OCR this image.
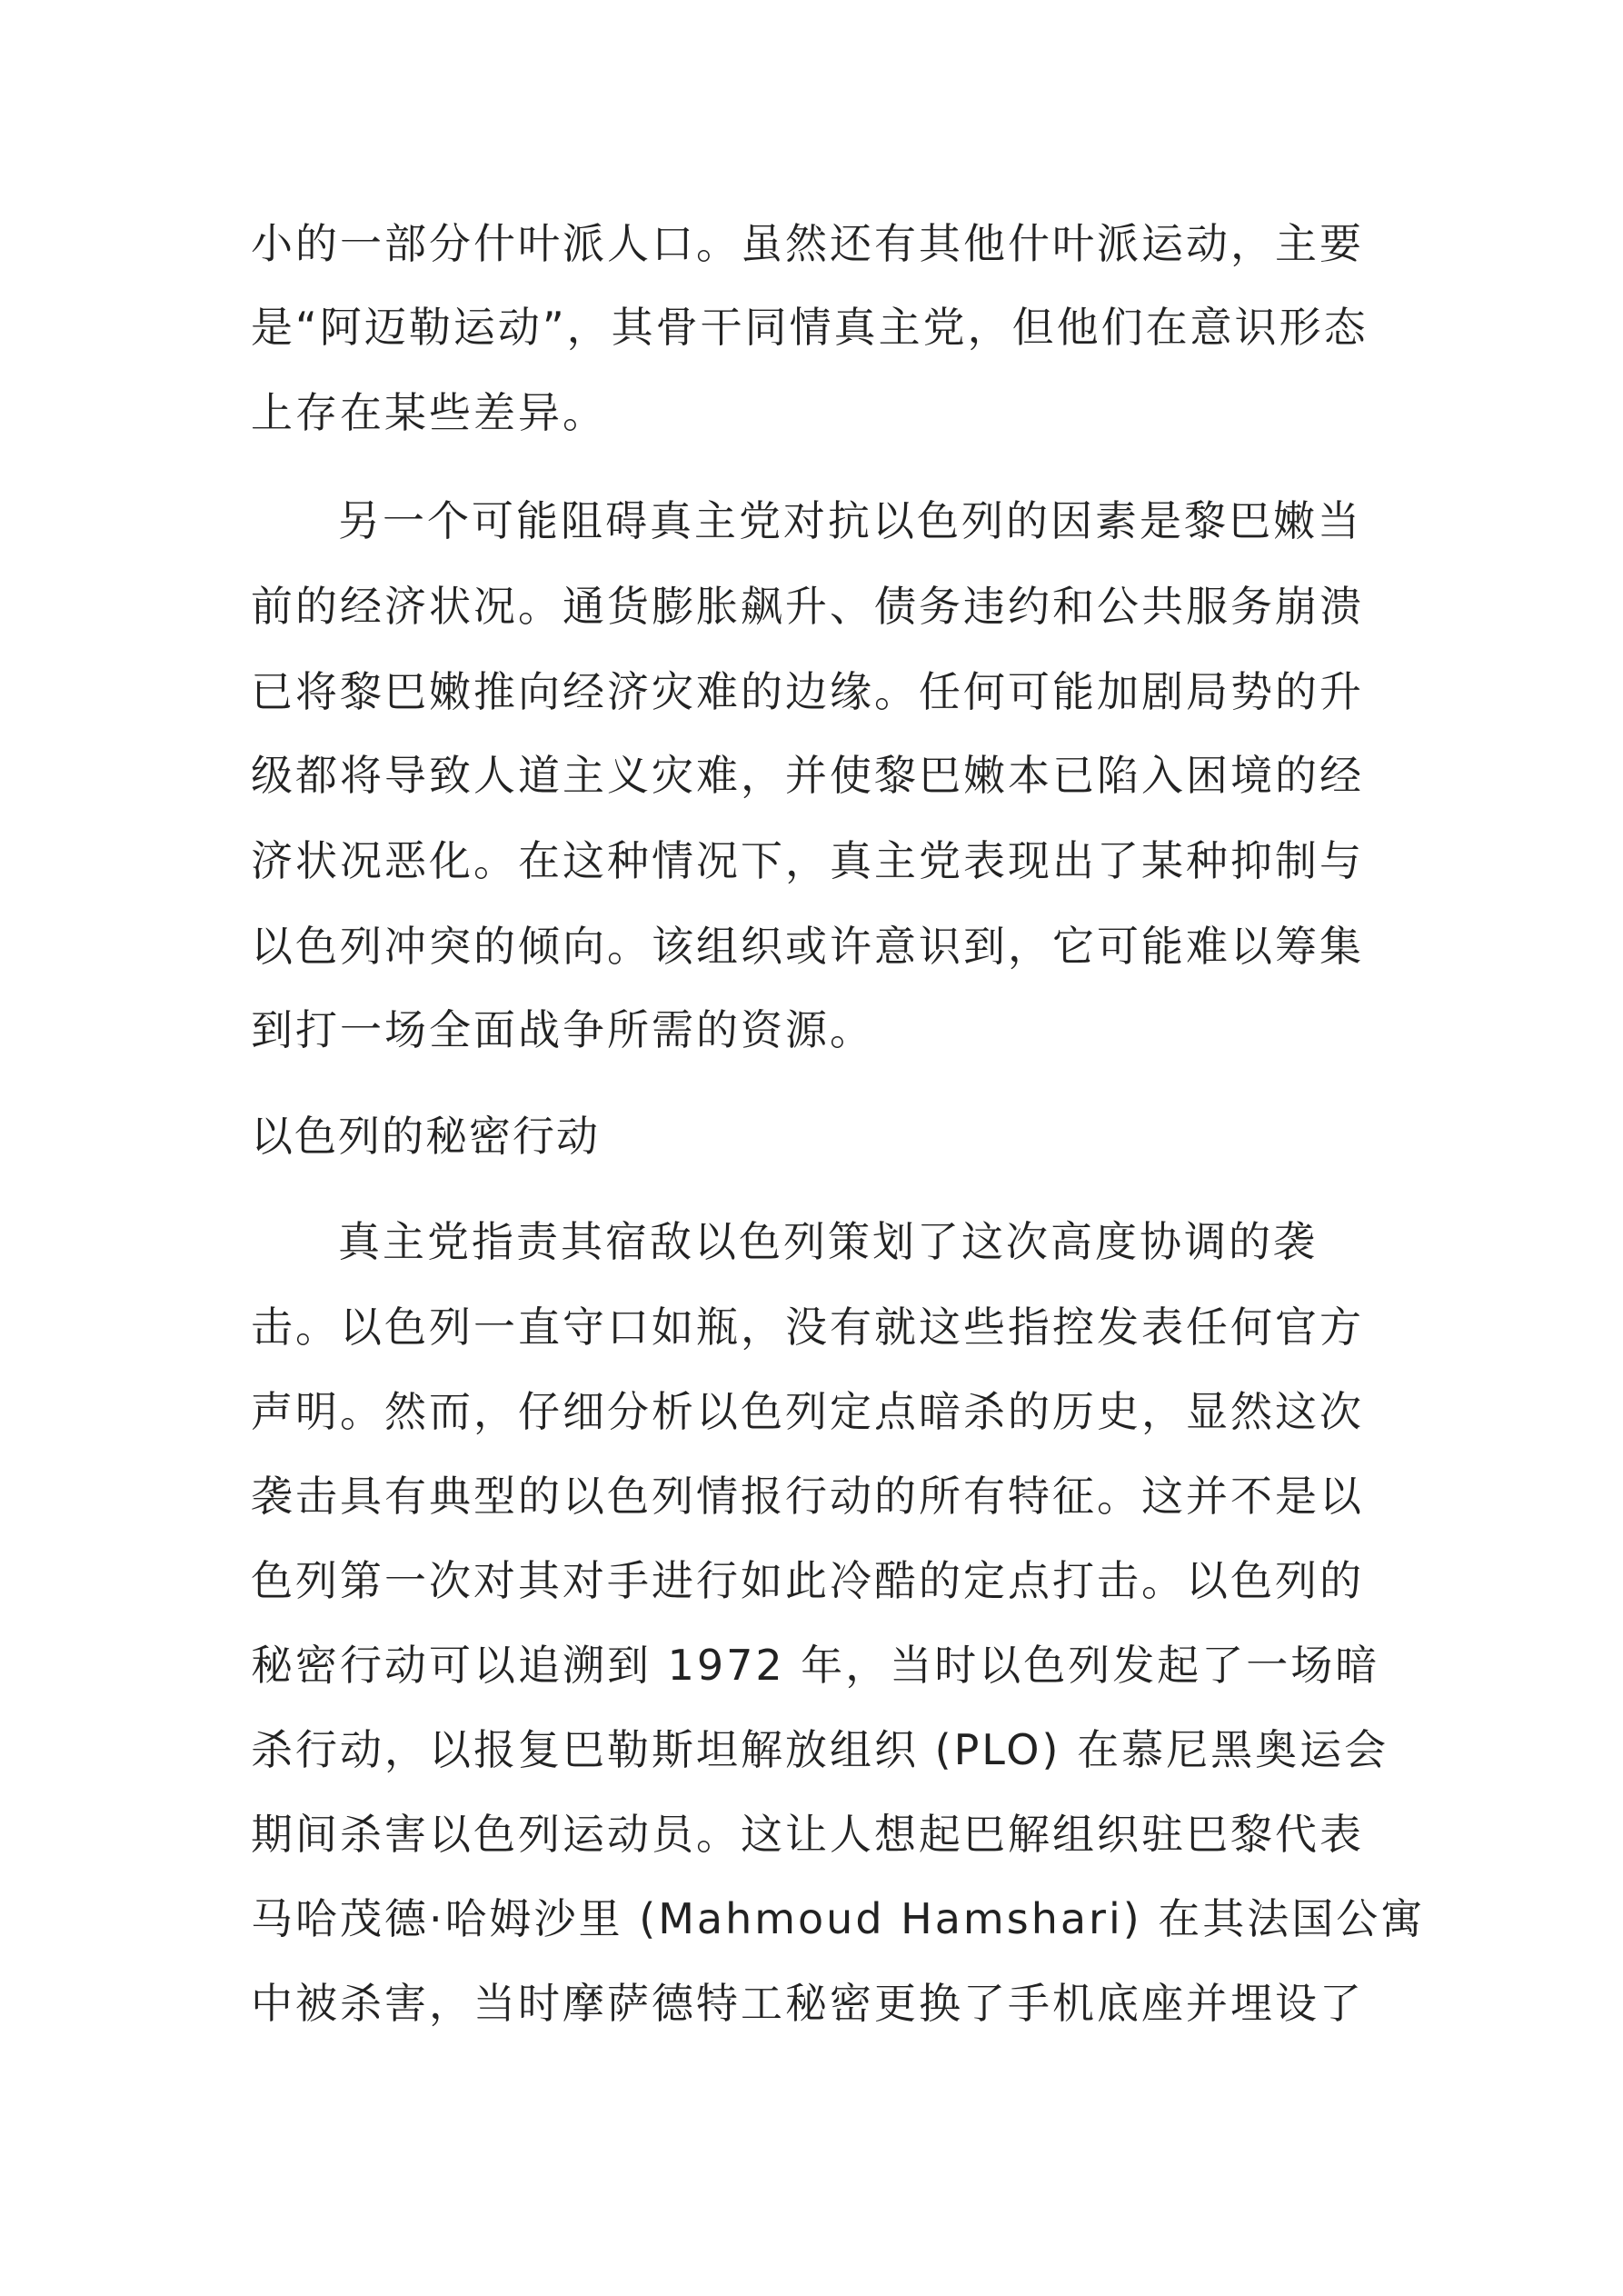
小的一部分什叶派人口。虽然还有其他什叶派运动，主要
是“阿迈勒运动”，其骨干同情真主党，但他们在意识形态
上存在某些差异。
另一个可能阻碍真主党对抗以色列的因素是黎巴嫩当
前的经济状况。通货膨胀飙升、债务违约和公共服务崩溃
已将黎巴嫩推向经济灾难的边缘。任何可能加剧局势的升
级都将导致人道主义灾难，并使黎巴嫩本已陷入困境的经
济状况恶化。在这种情况下，真主党表现出了某种抑制与
以色列冲突的倾向。该组织或许意识到，它可能难以筹集
到打一场全面战争所需的资源。
以色列的秘密行动
真主党指责其宿敌以色列策划了这次高度协调的袭
击。以色列一直守口如瓶，没有就这些指控发表任何官方
声明。然而，仔细分析以色列定点暗杀的历史，显然这次
袭击具有典型的以色列情报行动的所有特征。这并不是以
色列第一次对其对手进行如此冷酷的定点打击。以色列的
秘密行动可以追溯到 1972 年，当时以色列发起了一场暗
杀行动，以报复巴勒斯坦解放组织 (PLO) 在慕尼黑奥运会
期间杀害以色列运动员。这让人想起巴解组织驻巴黎代表
马哈茂德·哈姆沙里 (Mahmoud Hamshari) 在其法国公寓
中被杀害，当时摩萨德特工秘密更换了手机底座并埋设了
